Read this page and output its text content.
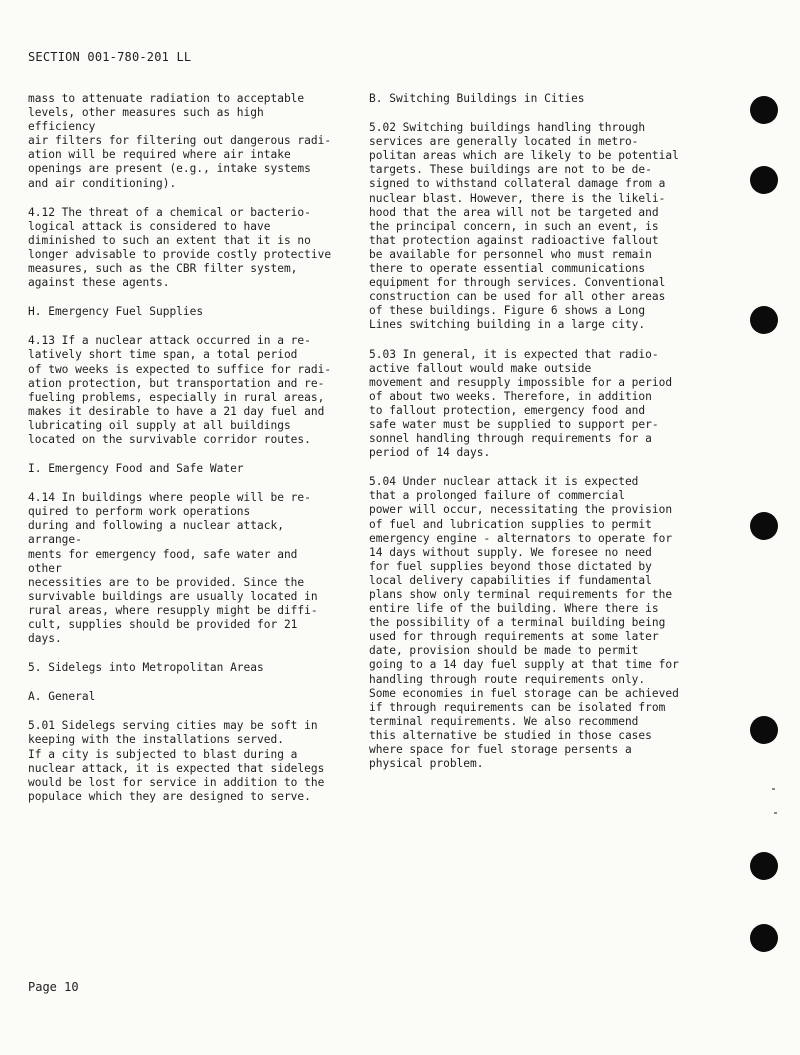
SECTION 001-780-201 LL

mass to attenuate radiation to acceptable
levels, other measures such as high efficiency
air filters for filtering out dangerous radi-
ation will be required where air intake
openings are present (e.g., intake systems
and air conditioning).

4.12 The threat of a chemical or bacterio-
logical attack is considered to have
diminished to such an extent that it is no
longer advisable to provide costly protective
measures, such as the CBR filter system,
against these agents.

H. Emergency Fuel Supplies

4.13 If a nuclear attack occurred in a re-
latively short time span, a total period
of two weeks is expected to suffice for radi-
ation protection, but transportation and re-
fueling problems, especially in rural areas,
makes it desirable to have a 21 day fuel and
lubricating oil supply at all buildings
located on the survivable corridor routes.

I. Emergency Food and Safe Water

4.14 In buildings where people will be re-
quired to perform work operations
during and following a nuclear attack, arrange-
ments for emergency food, safe water and other
necessities are to be provided. Since the
survivable buildings are usually located in
rural areas, where resupply might be diffi-
cult, supplies should be provided for 21 days.

5. Sidelegs into Metropolitan Areas

A. General

5.01 Sidelegs serving cities may be soft in
keeping with the installations served.
If a city is subjected to blast during a
nuclear attack, it is expected that sidelegs
would be lost for service in addition to the
populace which they are designed to serve.

B. Switching Buildings in Cities

5.02 Switching buildings handling through
services are generally located in metro-
politan areas which are likely to be potential
targets. These buildings are not to be de-
signed to withstand collateral damage from a
nuclear blast. However, there is the likeli-
hood that the area will not be targeted and
the principal concern, in such an event, is
that protection against radioactive fallout
be available for personnel who must remain
there to operate essential communications
equipment for through services. Conventional
construction can be used for all other areas
of these buildings. Figure 6 shows a Long
Lines switching building in a large city.

5.03 In general, it is expected that radio-
active fallout would make outside
movement and resupply impossible for a period
of about two weeks. Therefore, in addition
to fallout protection, emergency food and
safe water must be supplied to support per-
sonnel handling through requirements for a
period of 14 days.

5.04 Under nuclear attack it is expected
that a prolonged failure of commercial
power will occur, necessitating the provision
of fuel and lubrication supplies to permit
emergency engine - alternators to operate for
14 days without supply. We foresee no need
for fuel supplies beyond those dictated by
local delivery capabilities if fundamental
plans show only terminal requirements for the
entire life of the building. Where there is
the possibility of a terminal building being
used for through requirements at some later
date, provision should be made to permit
going to a 14 day fuel supply at that time for
handling through route requirements only.
Some economies in fuel storage can be achieved
if through requirements can be isolated from
terminal requirements. We also recommend
this alternative be studied in those cases
where space for fuel storage persents a
physical problem.

Page 10
